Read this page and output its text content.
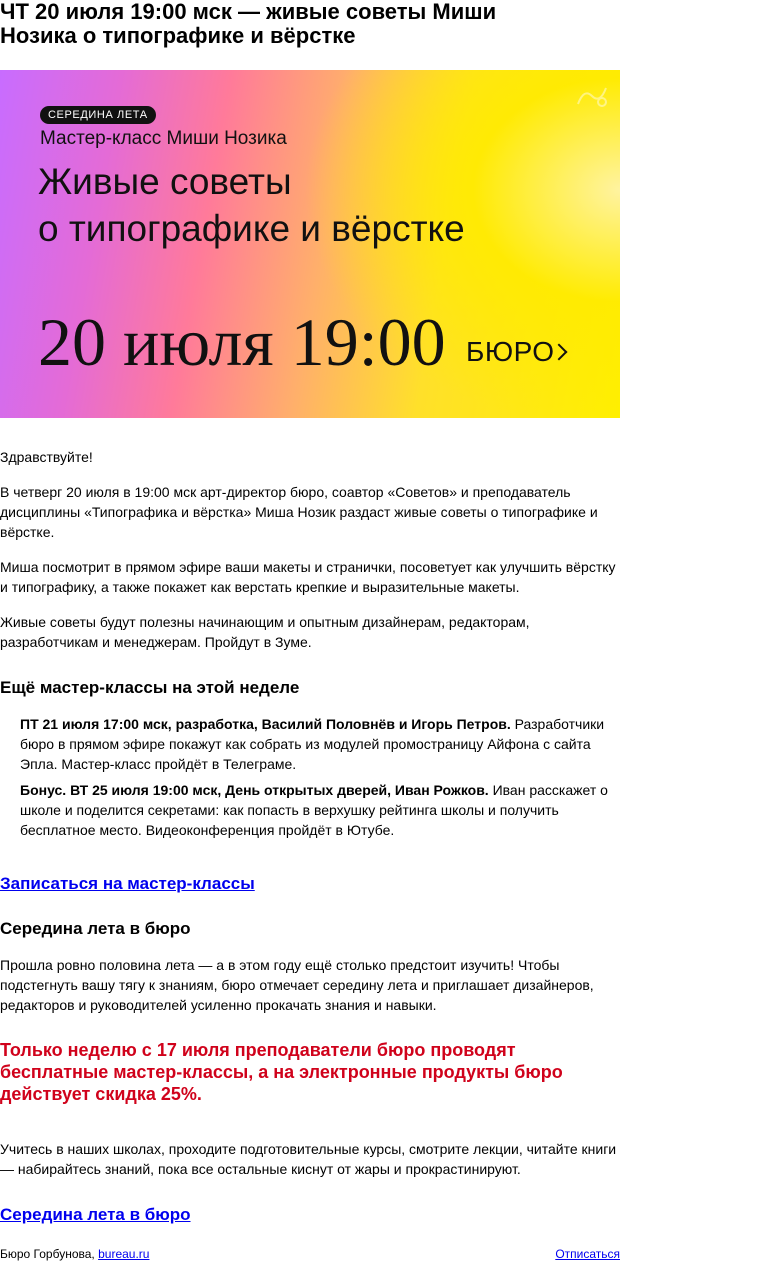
ЧТ 20 июля 19:00 мск — живые советы Миши Нозика о типографике и вёрстке
СЕРЕДИНА ЛЕТА
Мастер-класс Миши Нозика
Живые советы
о типографике и вёрстке
20 июля 19:00 БЮРО

Здравствуйте!

В четверг 20 июля в 19:00 мск арт-директор бюро, соавтор «Советов» и преподаватель дисциплины «Типографика и вёрстка» Миша Нозик раздаст живые советы о типографике и вёрстке.

Миша посмотрит в прямом эфире ваши макеты и странички, посоветует как улучшить вёрстку и типографику, а также покажет как верстать крепкие и выразительные макеты.

Живые советы будут полезны начинающим и опытным дизайнерам, редакторам, разработчикам и менеджерам. Пройдут в Зуме.

Ещё мастер-классы на этой неделе
ПТ 21 июля 17:00 мск, разработка, Василий Половнёв и Игорь Петров. Разработчики бюро в прямом эфире покажут как собрать из модулей промостраницу Айфона с сайта Эпла. Мастер-класс пройдёт в Телеграме.
Бонус. ВТ 25 июля 19:00 мск, День открытых дверей, Иван Рожков. Иван расскажет о школе и поделится секретами: как попасть в верхушку рейтинга школы и получить бесплатное место. Видеоконференция пройдёт в Ютубе.
Записаться на мастер-классы
Середина лета в бюро

Прошла ровно половина лета — а в этом году ещё столько предстоит изучить! Чтобы подстегнуть вашу тягу к знаниям, бюро отмечает середину лета и приглашает дизайнеров, редакторов и руководителей усиленно прокачать знания и навыки.

Только неделю с 17 июля преподаватели бюро проводят бесплатные мастер-классы, а на электронные продукты бюро действует скидка 25%.

Учитесь в наших школах, проходите подготовительные курсы, смотрите лекции, читайте книги — набирайтесь знаний, пока все остальные киснут от жары и прокрастинируют.

Середина лета в бюро
Бюро Горбунова, bureau.ru	Отписаться
